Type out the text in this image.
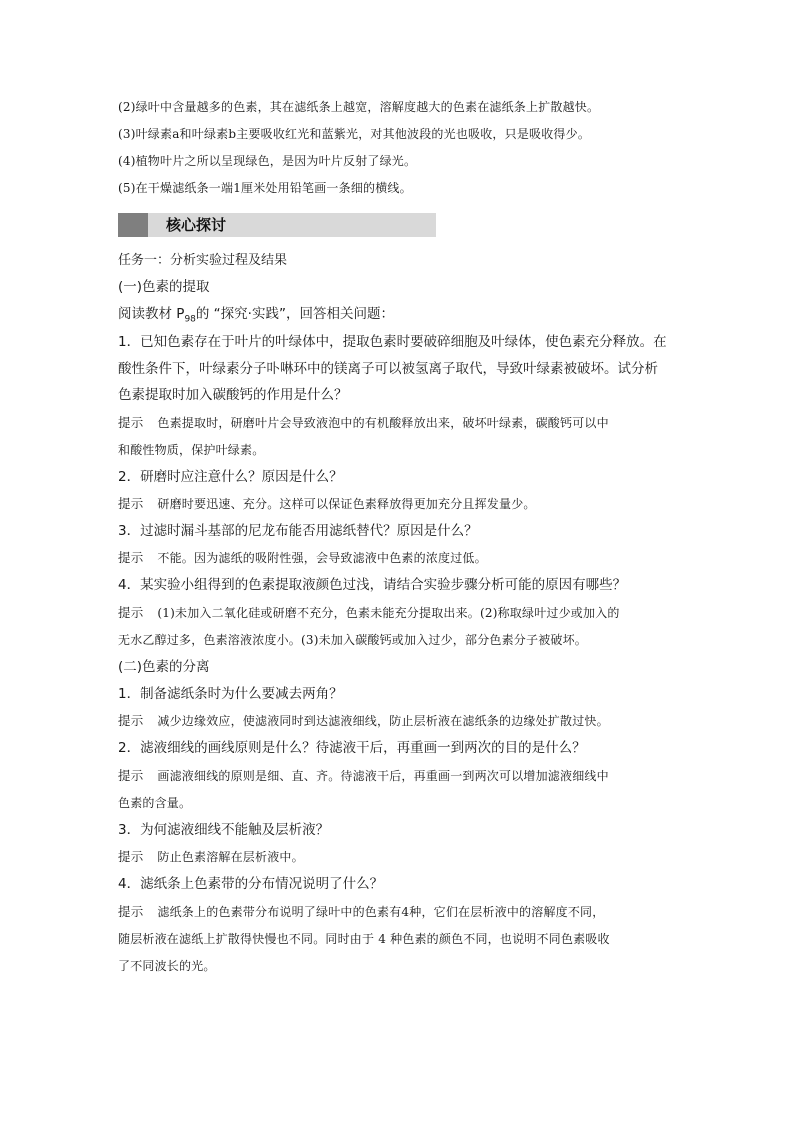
(2)绿叶中含量越多的色素，其在滤纸条上越宽，溶解度越大的色素在滤纸条上扩散越快。
(3)叶绿素a和叶绿素b主要吸收红光和蓝紫光，对其他波段的光也吸收，只是吸收得少。
(4)植物叶片之所以呈现绿色，是因为叶片反射了绿光。
(5)在干燥滤纸条一端1厘米处用铅笔画一条细的横线。
核心探讨
任务一：分析实验过程及结果
(一)色素的提取
阅读教材 $P_{98}$的 “探究·实践”，回答相关问题：
1．已知色素存在于叶片的叶绿体中，提取色素时要破碎细胞及叶绿体，使色素充分释放。在
酸性条件下，叶绿素分子卟啉环中的镁离子可以被氢离子取代，导致叶绿素被破坏。试分析
色素提取时加入碳酸钙的作用是什么？
提示 色素提取时，研磨叶片会导致液泡中的有机酸释放出来，破坏叶绿素，碳酸钙可以中
和酸性物质，保护叶绿素。
2．研磨时应注意什么？原因是什么？
提示 研磨时要迅速、充分。这样可以保证色素释放得更加充分且挥发量少。
3．过滤时漏斗基部的尼龙布能否用滤纸替代？原因是什么？
提示 不能。因为滤纸的吸附性强，会导致滤液中色素的浓度过低。
4．某实验小组得到的色素提取液颜色过浅，请结合实验步骤分析可能的原因有哪些？
提示 (1)未加入二氧化硅或研磨不充分，色素未能充分提取出来。(2)称取绿叶过少或加入的
无水乙醇过多，色素溶液浓度小。(3)未加入碳酸钙或加入过少，部分色素分子被破坏。
(二)色素的分离
1．制备滤纸条时为什么要减去两角？
提示 减少边缘效应，使滤液同时到达滤液细线，防止层析液在滤纸条的边缘处扩散过快。
2．滤液细线的画线原则是什么？待滤液干后，再重画一到两次的目的是什么？
提示 画滤液细线的原则是细、直、齐。待滤液干后，再重画一到两次可以增加滤液细线中
色素的含量。
3．为何滤液细线不能触及层析液？
提示 防止色素溶解在层析液中。
4．滤纸条上色素带的分布情况说明了什么？
提示 滤纸条上的色素带分布说明了绿叶中的色素有4种，它们在层析液中的溶解度不同，
随层析液在滤纸上扩散得快慢也不同。同时由于 4 种色素的颜色不同，也说明不同色素吸收
了不同波长的光。
